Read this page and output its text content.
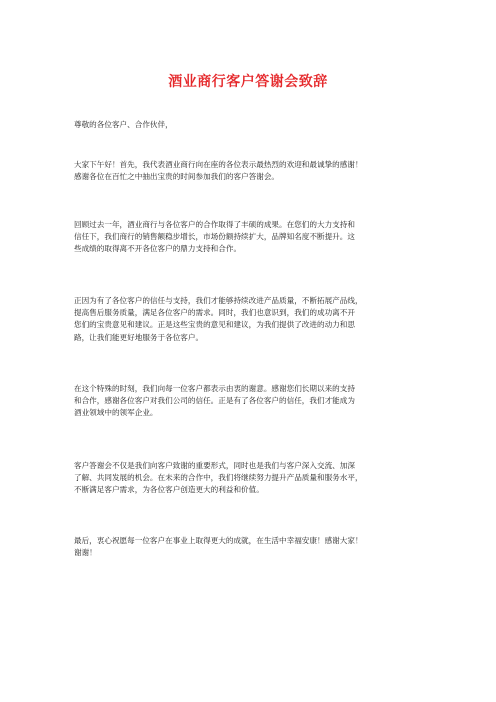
酒业商行客户答谢会致辞

尊敬的各位客户、合作伙伴，

大家下午好！首先，我代表酒业商行向在座的各位表示最热烈的欢迎和最诚挚的感谢！
感谢各位在百忙之中抽出宝贵的时间参加我们的客户答谢会。

回顾过去一年，酒业商行与各位客户的合作取得了丰硕的成果。在您们的大力支持和
信任下，我们商行的销售额稳步增长，市场份额持续扩大，品牌知名度不断提升。这
些成绩的取得离不开各位客户的鼎力支持和合作。

正因为有了各位客户的信任与支持，我们才能够持续改进产品质量，不断拓展产品线，
提高售后服务质量，满足各位客户的需求。同时，我们也意识到，我们的成功离不开
您们的宝贵意见和建议。正是这些宝贵的意见和建议，为我们提供了改进的动力和思
路，让我们能更好地服务于各位客户。

在这个特殊的时刻，我们向每一位客户都表示由衷的谢意。感谢您们长期以来的支持
和合作，感谢各位客户对我们公司的信任。正是有了各位客户的信任，我们才能成为
酒业领域中的领军企业。

客户答谢会不仅是我们向客户致谢的重要形式，同时也是我们与客户深入交流、加深
了解、共同发展的机会。在未来的合作中，我们将继续努力提升产品质量和服务水平，
不断满足客户需求，为各位客户创造更大的利益和价值。

最后，衷心祝愿每一位客户在事业上取得更大的成就，在生活中幸福安康！感谢大家！
谢谢！
